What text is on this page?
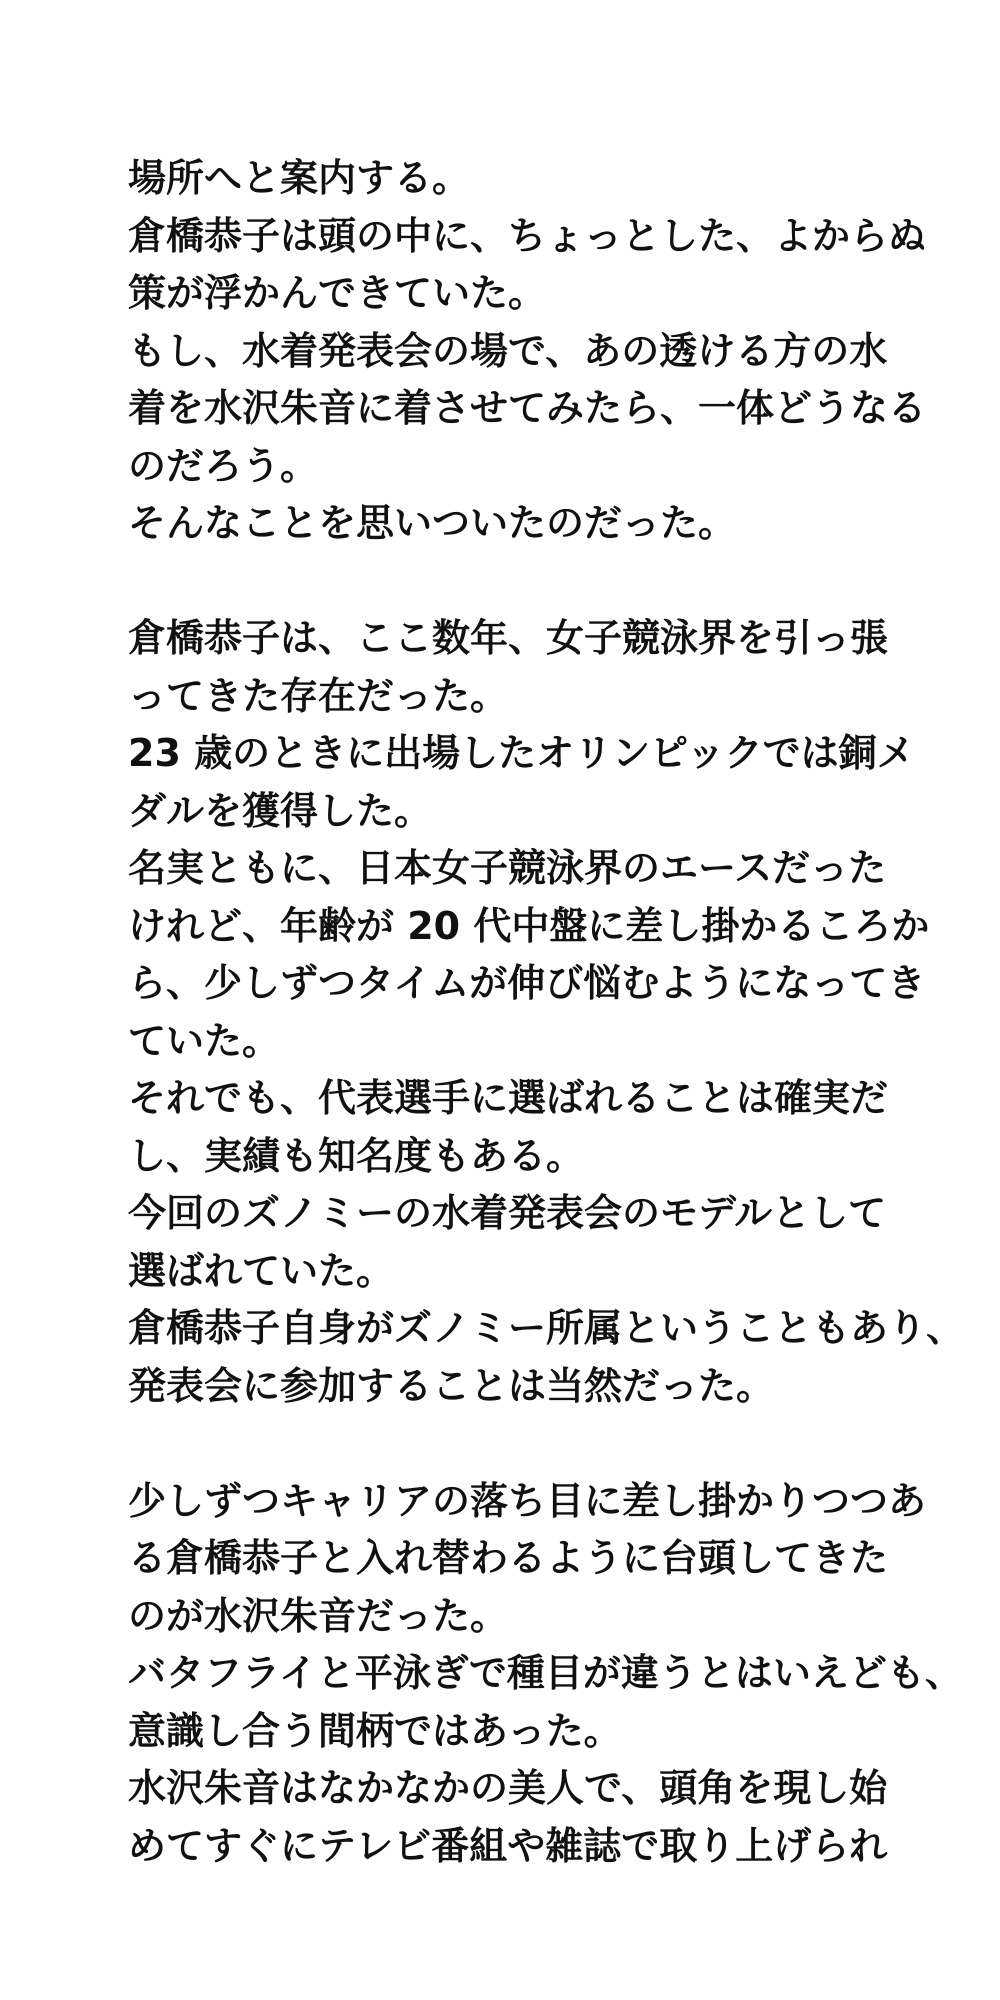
場所へと案内する。
倉橋恭子は頭の中に、ちょっとした、よからぬ
策が浮かんできていた。
もし、水着発表会の場で、あの透ける方の水
着を水沢朱音に着させてみたら、一体どうなる
のだろう。
そんなことを思いついたのだった。
倉橋恭子は、ここ数年、女子競泳界を引っ張
ってきた存在だった。
23 歳のときに出場したオリンピックでは銅メ
ダルを獲得した。
名実ともに、日本女子競泳界のエースだった
けれど、年齢が 20 代中盤に差し掛かるころか
ら、少しずつタイムが伸び悩むようになってき
ていた。
それでも、代表選手に選ばれることは確実だ
し、実績も知名度もある。
今回のズノミーの水着発表会のモデルとして
選ばれていた。
倉橋恭子自身がズノミー所属ということもあり、
発表会に参加することは当然だった。
少しずつキャリアの落ち目に差し掛かりつつあ
る倉橋恭子と入れ替わるように台頭してきた
のが水沢朱音だった。
バタフライと平泳ぎで種目が違うとはいえども、
意識し合う間柄ではあった。
水沢朱音はなかなかの美人で、頭角を現し始
めてすぐにテレビ番組や雑誌で取り上げられ
